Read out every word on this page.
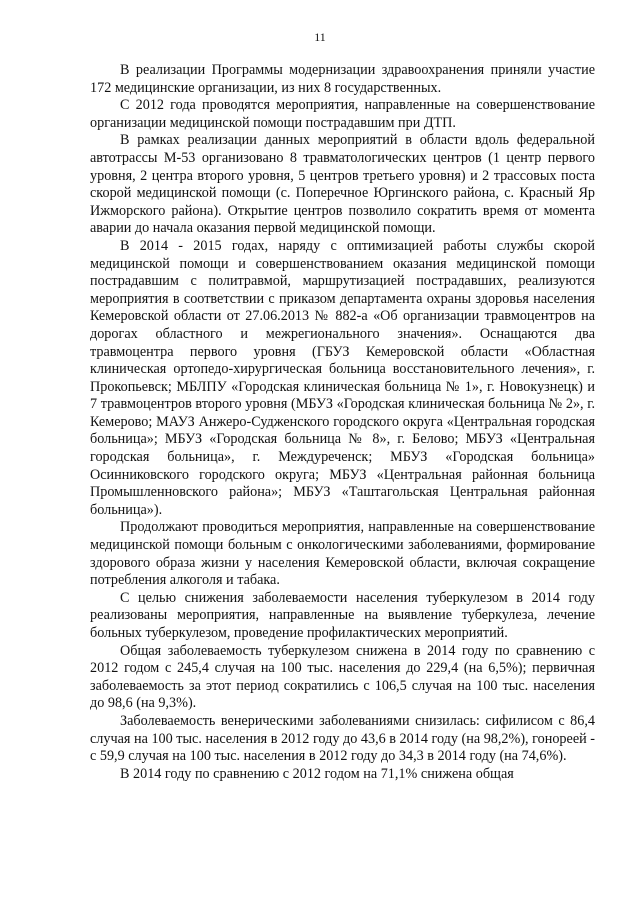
11

В реализации Программы модернизации здравоохранения приняли участие 172 медицинские организации, из них 8 государственных.

С 2012 года проводятся мероприятия, направленные на совершенствование организации медицинской помощи пострадавшим при ДТП.

В рамках реализации данных мероприятий в области вдоль федеральной автотрассы М-53 организовано 8 травматологических центров (1 центр первого уровня, 2 центра второго уровня, 5 центров третьего уровня) и 2 трассовых поста скорой медицинской помощи (с. Поперечное Юргинского района, с. Красный Яр Ижморского района). Открытие центров позволило сократить время от момента аварии до начала оказания первой медицинской помощи.

В 2014 - 2015 годах, наряду с оптимизацией работы службы скорой медицинской помощи и совершенствованием оказания медицинской помощи пострадавшим с политравмой, маршрутизацией пострадавших, реализуются мероприятия в соответствии с приказом департамента охраны здоровья населения Кемеровской области от 27.06.2013 № 882-а «Об организации травмоцентров на дорогах областного и межрегионального значения». Оснащаются два травмоцентра первого уровня (ГБУЗ Кемеровской области «Областная клиническая ортопедо-хирургическая больница восстановительного лечения», г. Прокопьевск; МБЛПУ «Городская клиническая больница № 1», г. Новокузнецк) и 7 травмоцентров второго уровня (МБУЗ «Городская клиническая больница № 2», г. Кемерово; МАУЗ Анжеро-Судженского городского округа «Центральная городская больница»; МБУЗ «Городская больница № 8», г. Белово; МБУЗ «Центральная городская больница», г. Междуреченск; МБУЗ «Городская больница» Осинниковского городского округа; МБУЗ «Центральная районная больница Промышленновского района»; МБУЗ «Таштагольская Центральная районная больница»).

Продолжают проводиться мероприятия, направленные на совершенствование медицинской помощи больным с онкологическими заболеваниями, формирование здорового образа жизни у населения Кемеровской области, включая сокращение потребления алкоголя и табака.

С целью снижения заболеваемости населения туберкулезом в 2014 году реализованы мероприятия, направленные на выявление туберкулеза, лечение больных туберкулезом, проведение профилактических мероприятий.

Общая заболеваемость туберкулезом снижена в 2014 году по сравнению с 2012 годом с 245,4 случая на 100 тыс. населения до 229,4 (на 6,5%); первичная заболеваемость за этот период сократились с 106,5 случая на 100 тыс. населения до 98,6 (на 9,3%).

Заболеваемость венерическими заболеваниями снизилась: сифилисом с 86,4 случая на 100 тыс. населения в 2012 году до 43,6 в 2014 году (на 98,2%), гонореей - с 59,9 случая на 100 тыс. населения в 2012 году до 34,3 в 2014 году (на 74,6%).

В 2014 году по сравнению с 2012 годом на 71,1% снижена общая
